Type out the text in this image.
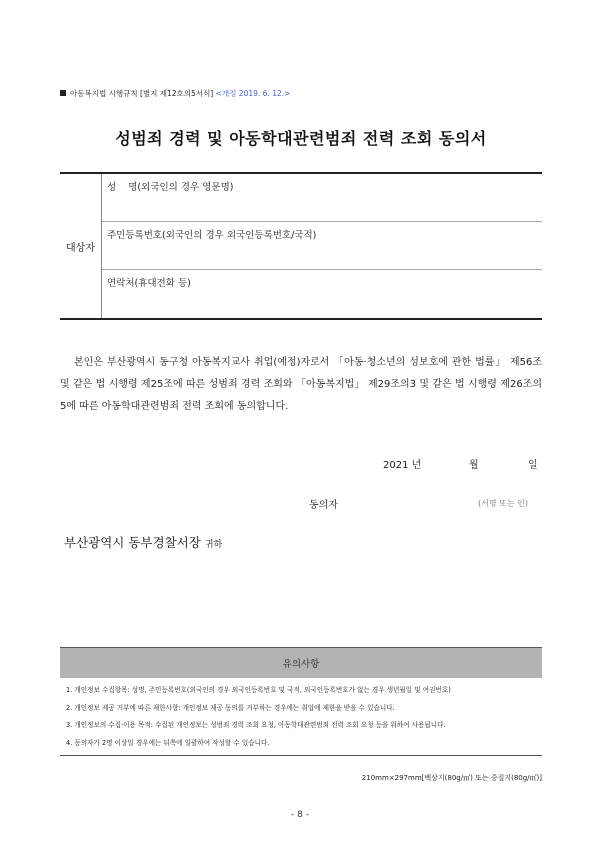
아동복지법 시행규칙 [별지 제12호의5서식] <개정 2019. 6. 12.>
성범죄 경력 및 아동학대관련범죄 전력 조회 동의서
대상자
성    명(외국인의 경우 영문명)
주민등록번호(외국인의 경우 외국인등록번호/국적)
연락처(휴대전화 등)

본인은 부산광역시 동구청 아동복지교사 취업(예정)자로서 「아동·청소년의 성보호에 관한 법률」 제56조 및 같은 법 시행령 제25조에 따른 성범죄 경력 조회와 「아동복지법」 제29조의3 및 같은 법 시행령 제26조의5에 따른 아동학대관련범죄 전력 조회에 동의합니다.

2021 년	월	일
동의자	(서명 또는 인)
부산광역시 동부경찰서장 귀하
유의사항
1. 개인정보 수집항목: 성명, 주민등록번호(외국인의 경우 외국인등록번호 및 국적, 외국인등록번호가 없는 경우 생년월일 및 여권번호)
2. 개인정보 제공 거부에 따른 제한사항: 개인정보 제공 동의를 거부하는 경우에는 취업에 제한을 받을 수 있습니다.
3. 개인정보의 수집·이용 목적: 수집된 개인정보는 성범죄 경력 조회 요청, 아동학대관련범죄 전력 조회 요청 등을 위하여 사용됩니다.
4. 동의자가 2명 이상일 경우에는 뒤쪽에 일괄하여 작성할 수 있습니다.
210mm×297mm[백상지(80g/㎡) 또는 중질지(80g/㎡)]
- 8 -
